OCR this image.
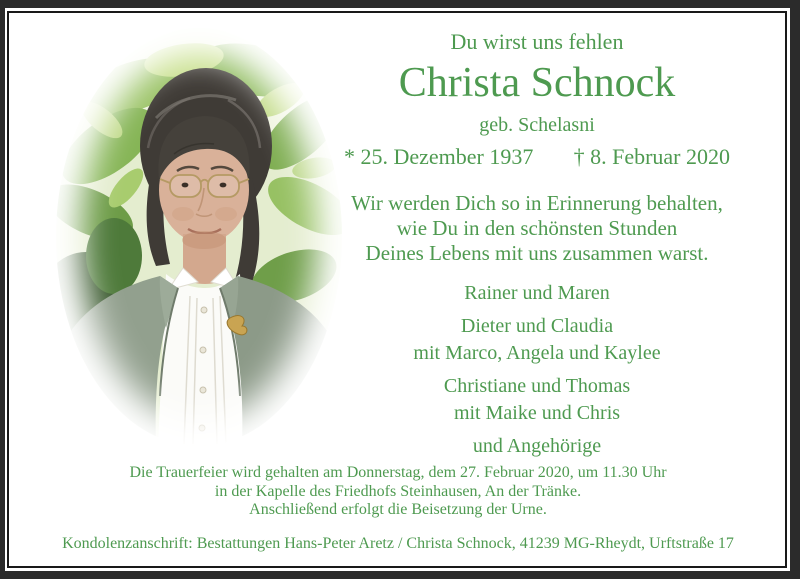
Du wirst uns fehlen
Christa Schnock
geb. Schelasni
* 25. Dezember 1937 † 8. Februar 2020
Wir werden Dich so in Erinnerung behalten,
wie Du in den schönsten Stunden
Deines Lebens mit uns zusammen warst.
Rainer und Maren
Dieter und Claudia
mit Marco, Angela und Kaylee
Christiane und Thomas
mit Maike und Chris
und Angehörige
Die Trauerfeier wird gehalten am Donnerstag, dem 27. Februar 2020, um 11.30 Uhr
in der Kapelle des Friedhofs Steinhausen, An der Tränke.
Anschließend erfolgt die Beisetzung der Urne.
Kondolenzanschrift: Bestattungen Hans-Peter Aretz / Christa Schnock, 41239 MG-Rheydt, Urftstraße 17
